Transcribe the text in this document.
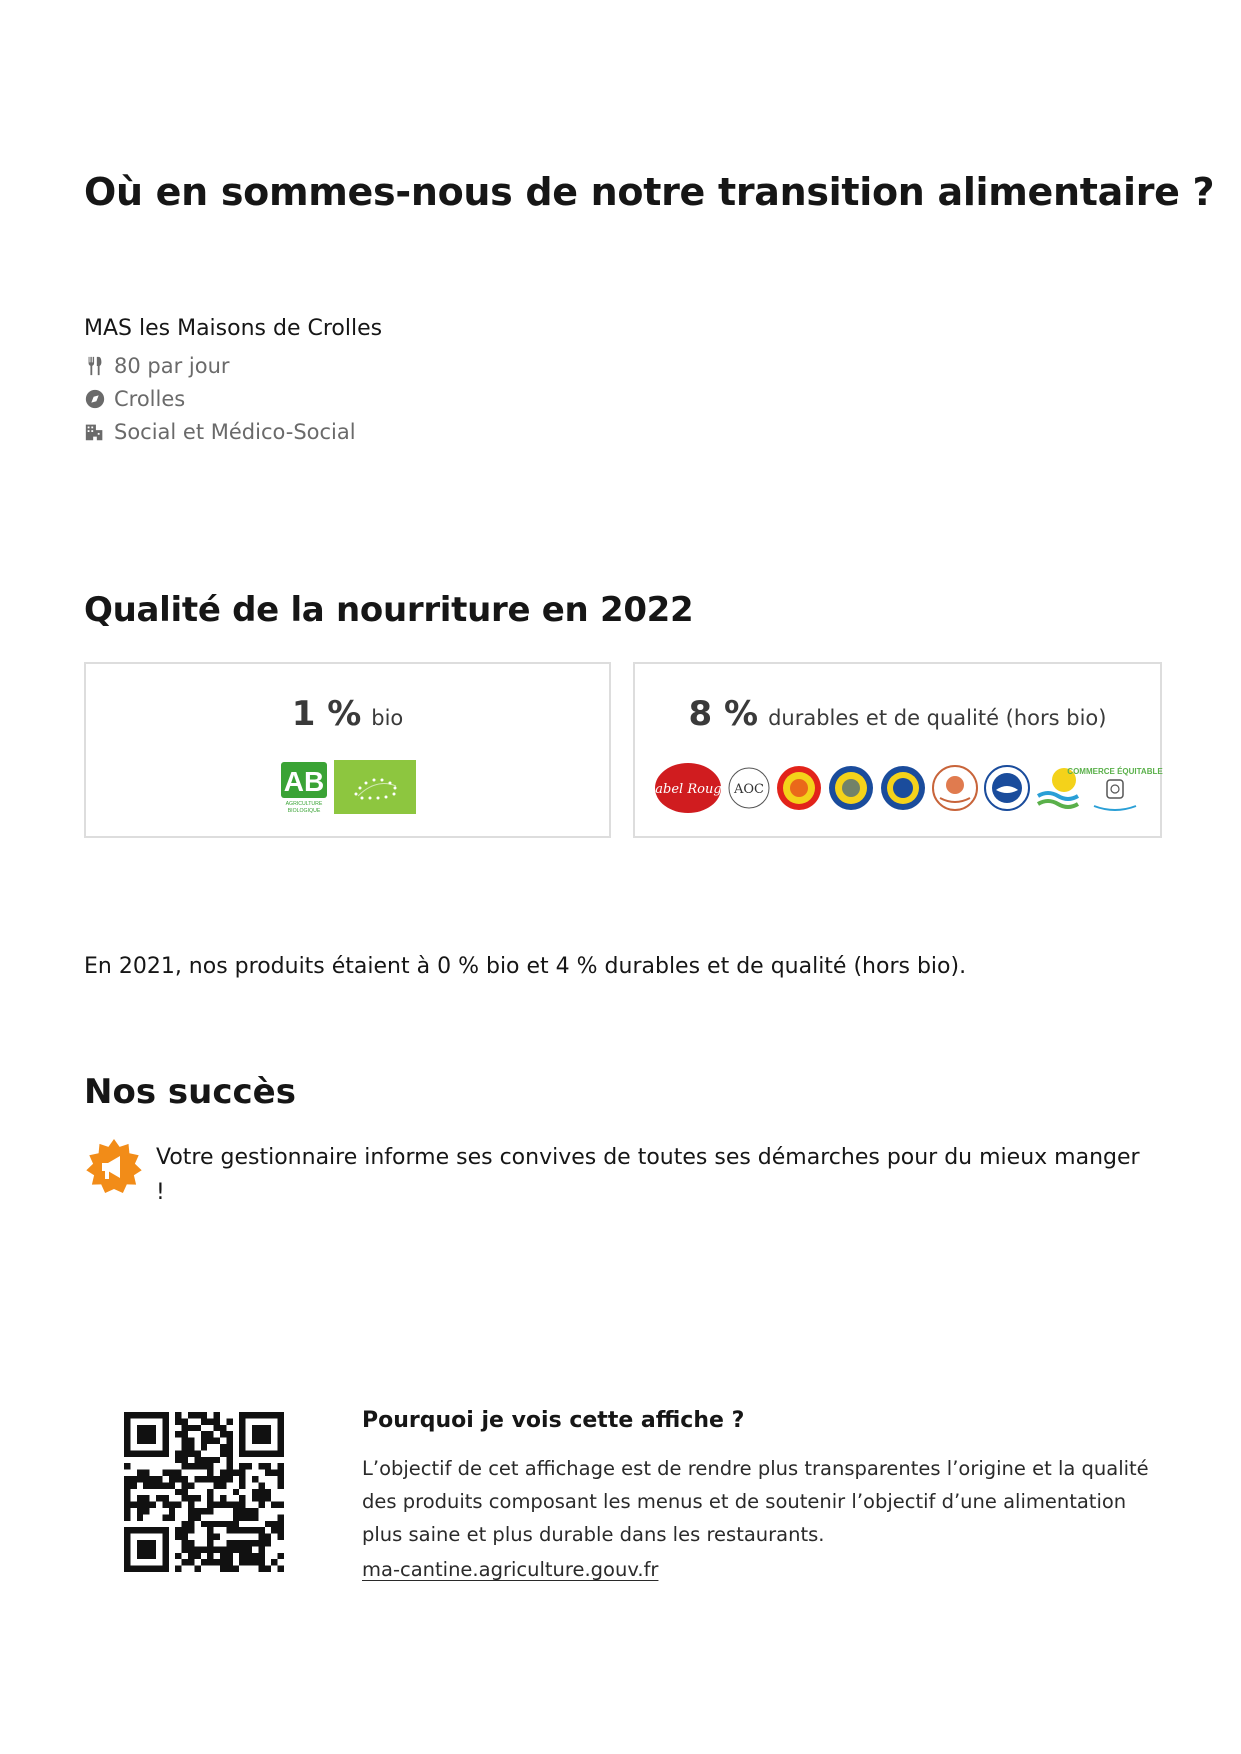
Où en sommes-nous de notre transition alimentaire ?
MAS les Maisons de Crolles
80 par jour
Crolles
Social et Médico-Social
Qualité de la nourriture en 2022
1 % bio
AB
AGRICULTURE
BIOLOGIQUE
8 % durables et de qualité (hors bio)
Label Rouge AOC
COMMERCE ÉQUITABLE
En 2021, nos produits étaient à 0 % bio et 4 % durables et de qualité (hors bio).
Nos succès
Votre gestionnaire informe ses convives de toutes ses démarches pour du mieux manger !
Pourquoi je vois cette affiche ?
L’objectif de cet affichage est de rendre plus transparentes l’origine et la qualité des produits composant les menus et de soutenir l’objectif d’une alimentation plus saine et plus durable dans les restaurants.
ma-cantine.agriculture.gouv.fr
